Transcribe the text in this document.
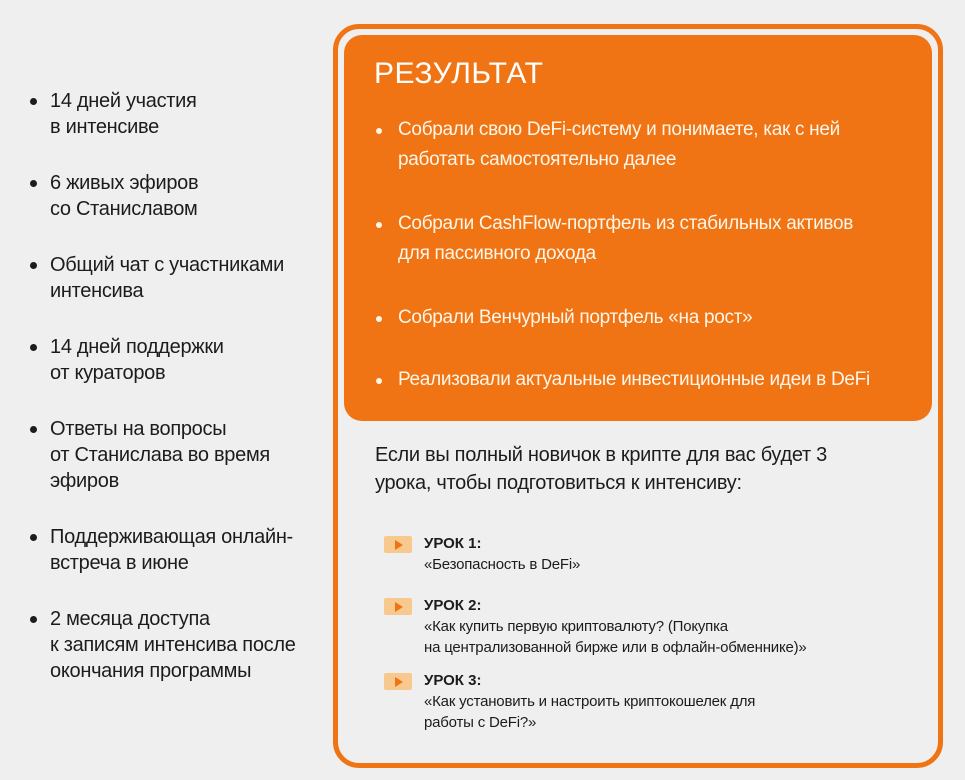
14 дней участия
в интенсиве
6 живых эфиров
со Станиславом
Общий чат с участниками
интенсива
14 дней поддержки
от кураторов
Ответы на вопросы
от Станислава во время
эфиров
Поддерживающая онлайн-
встреча в июне
2 месяца доступа
к записям интенсива после
окончания программы
РЕЗУЛЬТАТ
Собрали свою DeFi-систему и понимаете, как с ней
работать самостоятельно далее
Собрали CashFlow-портфель из стабильных активов
для пассивного дохода
Собрали Венчурный портфель «на рост»
Реализовали актуальные инвестиционные идеи в DeFi

Если вы полный новичок в крипте для вас будет 3
урока, чтобы подготовиться к интенсиву:

УРОК 1:
«Безопасность в DeFi»
УРОК 2:
«Как купить первую криптовалюту? (Покупка
на централизованной бирже или в офлайн-обменнике)»
УРОК 3:
«Как установить и настроить криптокошелек для
работы с DeFi?»
